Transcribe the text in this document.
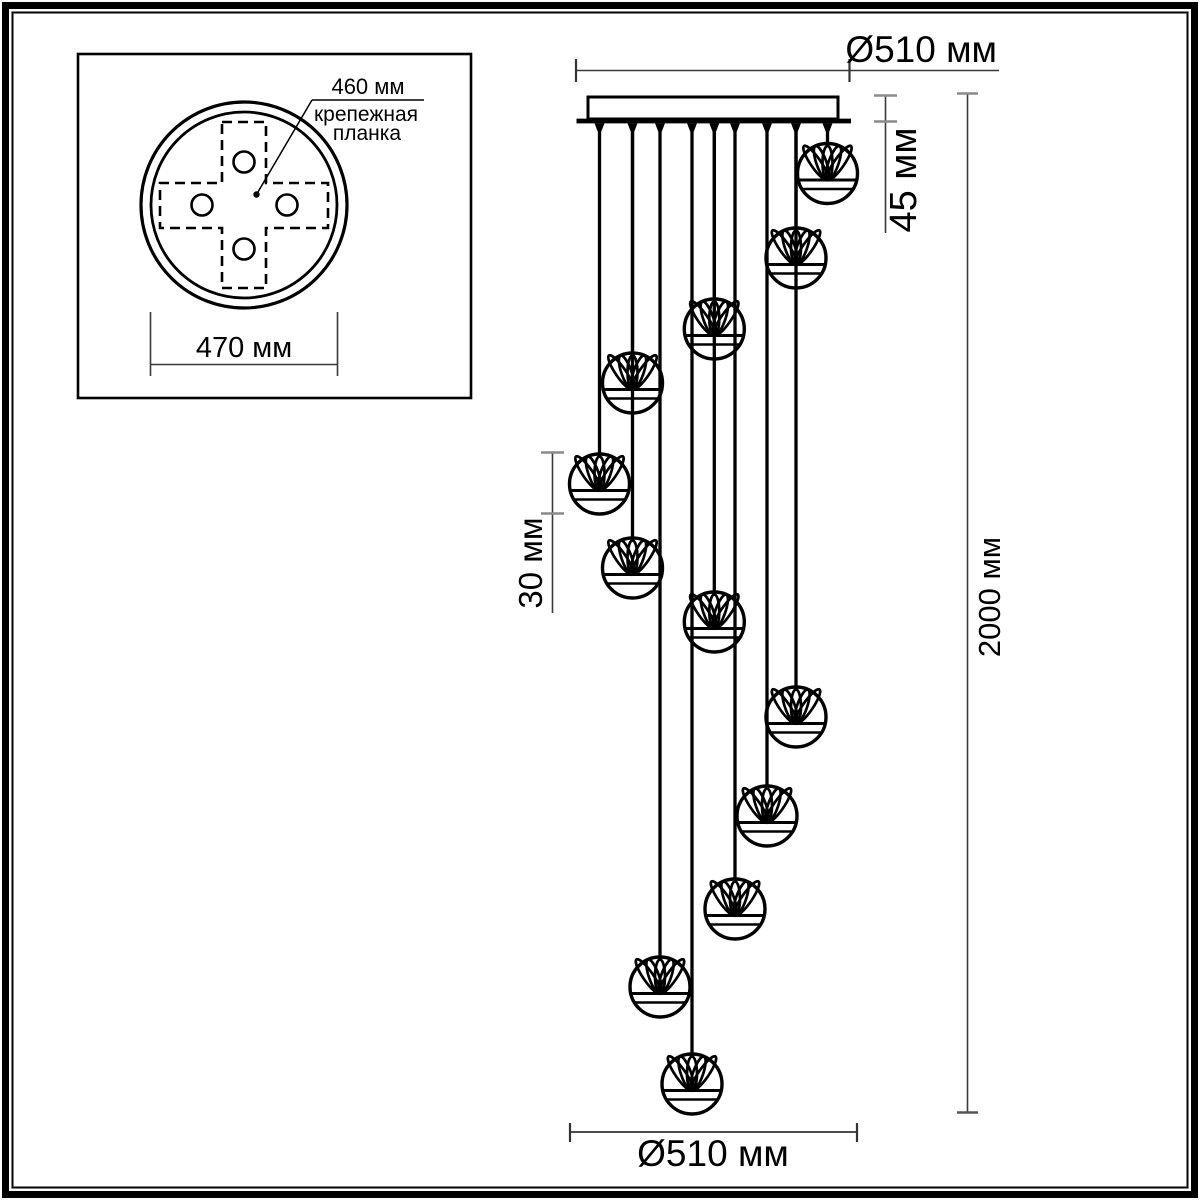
460 мм
крепежная
планка
470 мм
Ø510 мм
45 мм
2000 мм
30 мм
Ø510 мм
